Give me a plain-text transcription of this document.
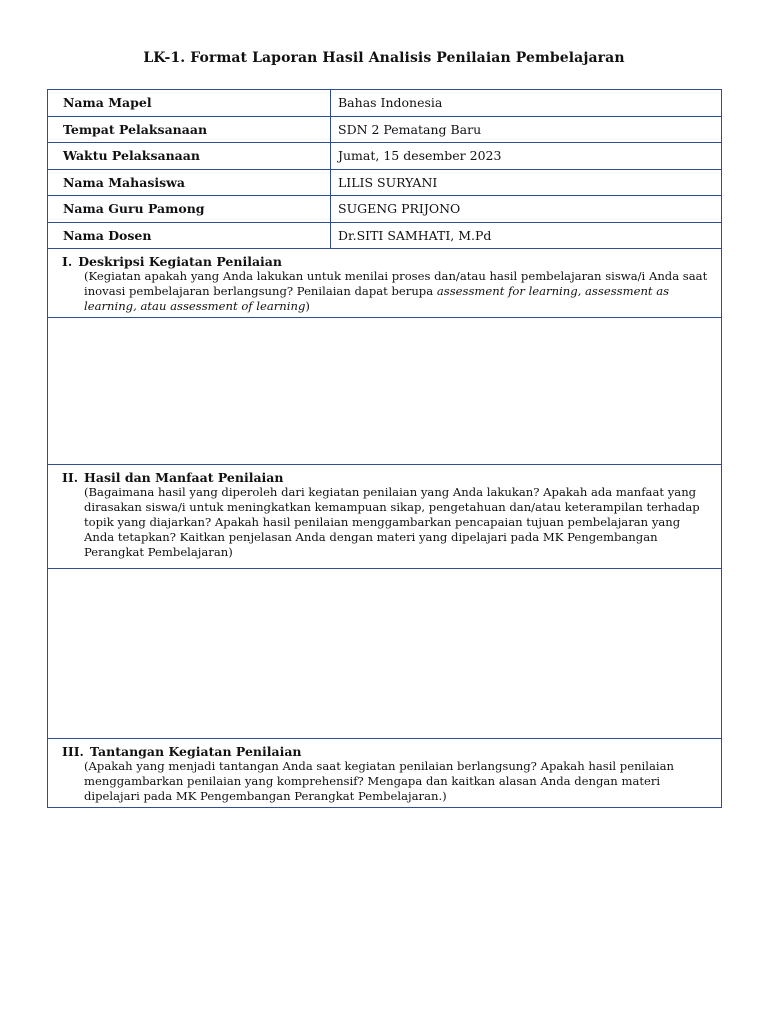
LK-1. Format Laporan Hasil Analisis Penilaian Pembelajaran
Nama Mapel	Bahas Indonesia
Tempat Pelaksanaan	SDN 2 Pematang Baru
Waktu Pelaksanaan	Jumat, 15 desember 2023
Nama Mahasiswa	LILIS SURYANI
Nama Guru Pamong	SUGENG PRIJONO
Nama Dosen	Dr.SITI SAMHATI, M.Pd

I. Deskripsi Kegiatan Penilaian
(Kegiatan apakah yang Anda lakukan untuk menilai proses dan/atau hasil pembelajaran siswa/i Anda saat inovasi pembelajaran berlangsung? Penilaian dapat berupa assessment for learning, assessment as learning, atau assessment of learning)	

II. Hasil dan Manfaat Penilaian
(Bagaimana hasil yang diperoleh dari kegiatan penilaian yang Anda lakukan? Apakah ada manfaat yang dirasakan siswa/i untuk meningkatkan kemampuan sikap, pengetahuan dan/atau keterampilan terhadap topik yang diajarkan? Apakah hasil penilaian menggambarkan pencapaian tujuan pembelajaran yang Anda tetapkan? Kaitkan penjelasan Anda dengan materi yang dipelajari pada MK Pengembangan Perangkat Pembelajaran)	

III. Tantangan Kegiatan Penilaian
(Apakah yang menjadi tantangan Anda saat kegiatan penilaian berlangsung? Apakah hasil penilaian menggambarkan penilaian yang komprehensif? Mengapa dan kaitkan alasan Anda dengan materi dipelajari pada MK Pengembangan Perangkat Pembelajaran.)	
